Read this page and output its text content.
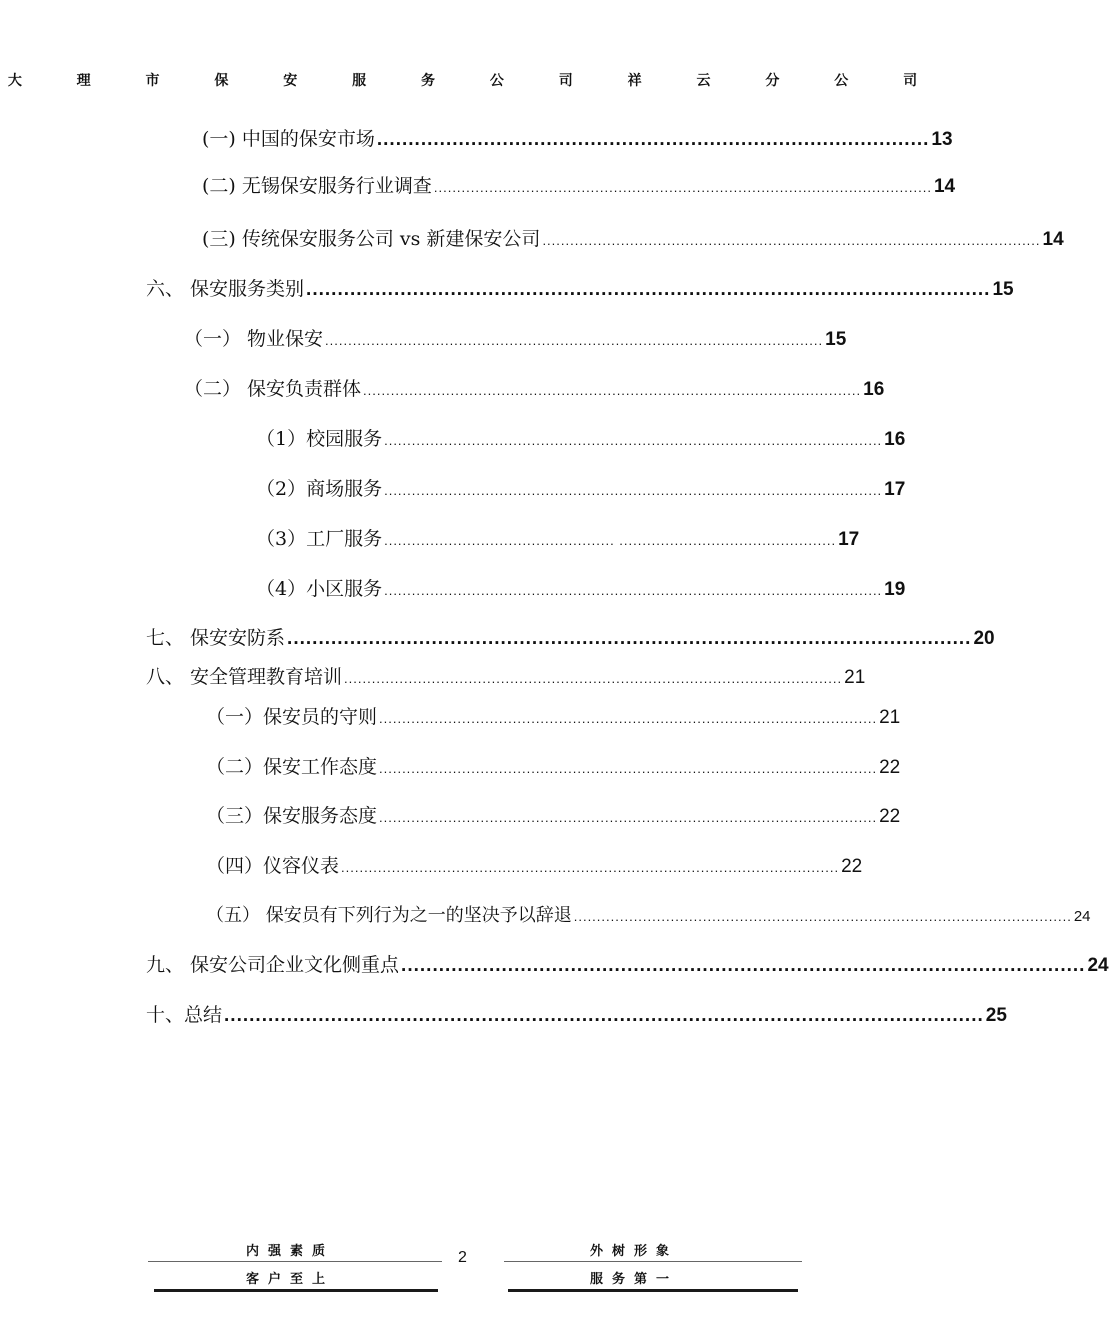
大 理 市 保 安 服 务 公 司 祥 云 分 公 司
(一) 中国的保安市场 ........................................................................................ 13
(二) 无锡保安服务行业调查 ............................................................................................................ 14
(三) 传统保安服务公司 vs 新建保安公司 ............................................................................................................ 14
六、 保安服务类别 ............................................................................................................. 15
（一） 物业保安 ............................................................................................................ 15
（二） 保安负责群体 ............................................................................................................ 16
（1）校园服务 ............................................................................................................ 16
（2）商场服务 ............................................................................................................ 17
（3）工厂服务 .................................................. ............................................... 17
（4）小区服务 ............................................................................................................ 19
七、 保安安防系 ............................................................................................................. 20
八、 安全管理教育培训 ............................................................................................................ 21
（一）保安员的守则 ............................................................................................................ 21
（二）保安工作态度 ............................................................................................................ 22
（三）保安服务态度 ............................................................................................................ 22
（四）仪容仪表 ............................................................................................................ 22
（五） 保安员有下列行为之一的坚决予以辞退 ............................................................................................................ 24
九、 保安公司企业文化侧重点 ............................................................................................................. 24
十、总结 ......................................................................................................................... 25
内强素质
客户至上
2	外树形象
服务第一
